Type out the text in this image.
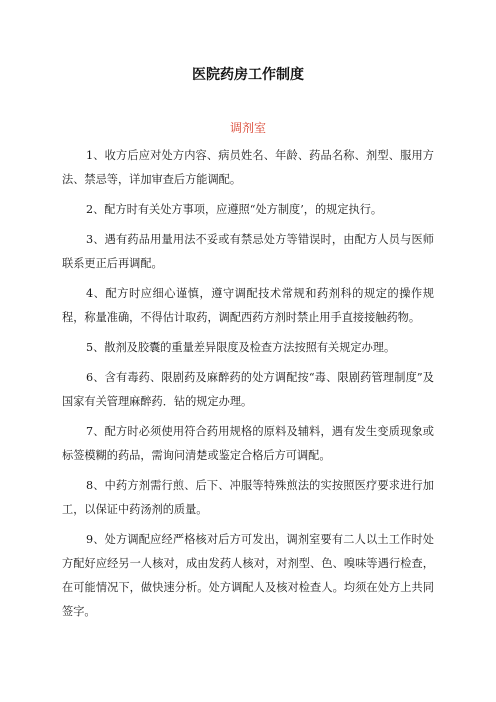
医院药房工作制度
调剂室

1、收方后应对处方内容、病员姓名、年龄、药品名称、剂型、服用方法、禁忌等，详加审查后方能调配。

2、配方时有关处方事项，应遵照“处方制度’，的规定执行。

3、遇有药品用量用法不妥或有禁忌处方等错误时，由配方人员与医师联系更正后再调配。

4、配方时应细心谨慎，遵守调配技术常规和药剂科的规定的操作规程，称量准确，不得估计取药，调配西药方剂时禁止用手直接接触药物。

5、散剂及胶囊的重量差异限度及检查方法按照有关规定办理。

6、含有毒药、限剧药及麻醉药的处方调配按“毒、限剧药管理制度”及国家有关管理麻醉药．钻的规定办理。

7、配方时必须使用符合药用规格的原料及辅料，遇有发生变质现象或标签模糊的药品，需询问清楚或鉴定合格后方可调配。

8、中药方剂需行煎、后下、冲服等特殊煎法的实按照医疗要求进行加工，以保证中药汤剂的质量。

9、处方调配应经严格核对后方可发出，调剂室要有二人以土工作时处方配好应经另一人核对，成由发药人核对，对剂型、色、嗅味等遇行检查，在可能情况下，做快速分析。处方调配人及核对检查人。均须在处方上共同签字。
